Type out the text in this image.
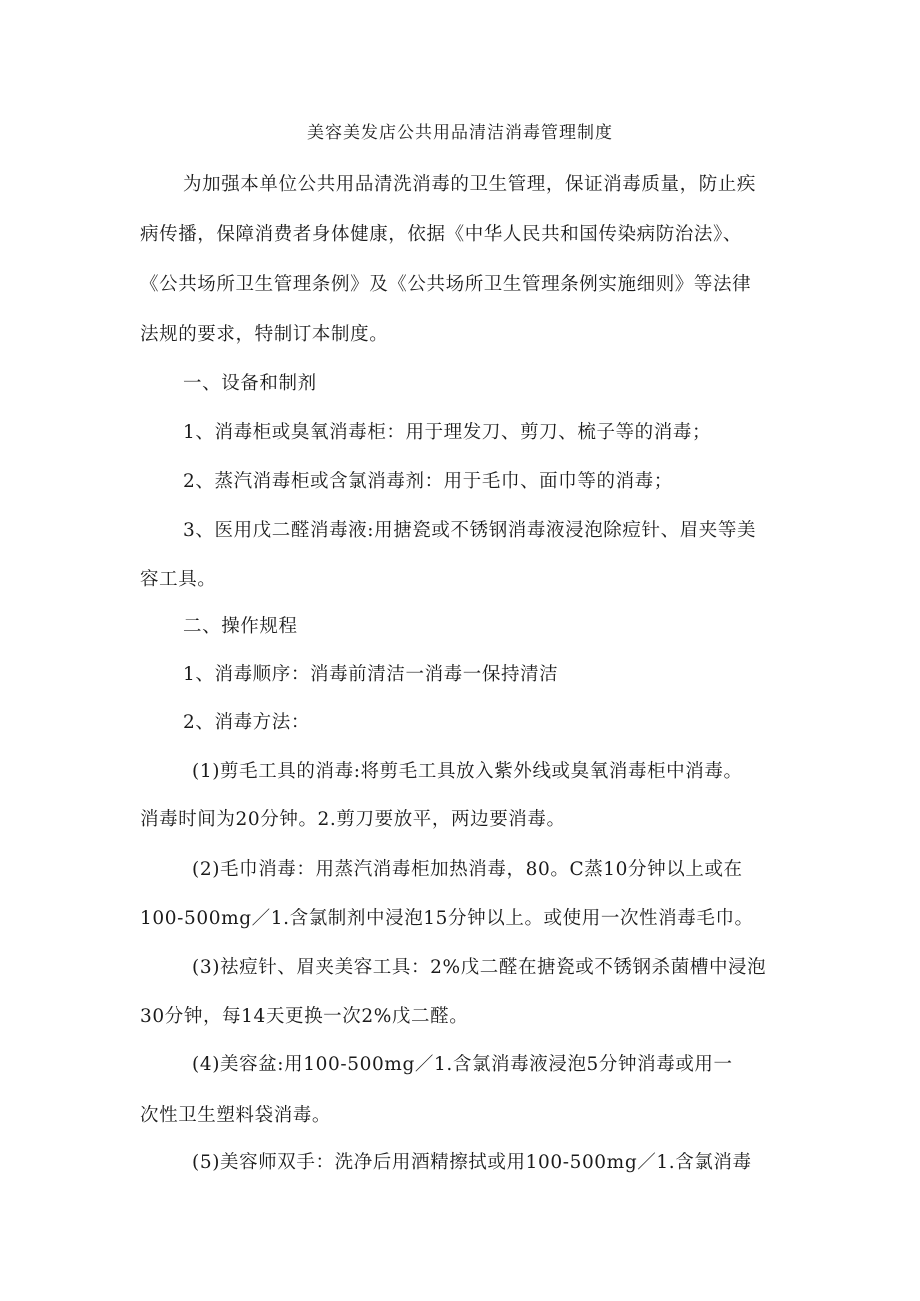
美容美发店公共用品清洁消毒管理制度
为加强本单位公共用品清洗消毒的卫生管理，保证消毒质量，防止疾
病传播，保障消费者身体健康，依据《中华人民共和国传染病防治法》、
《公共场所卫生管理条例》及《公共场所卫生管理条例实施细则》等法律
法规的要求，特制订本制度。
一、设备和制剂
1、消毒柜或臭氧消毒柜：用于理发刀、剪刀、梳子等的消毒；
2、蒸汽消毒柜或含氯消毒剂：用于毛巾、面巾等的消毒；
3、医用戊二醛消毒液:用搪瓷或不锈钢消毒液浸泡除痘针、眉夹等美
容工具。
二、操作规程
1、消毒顺序：消毒前清洁一消毒一保持清洁
2、消毒方法：
(1)剪毛工具的消毒:将剪毛工具放入紫外线或臭氧消毒柜中消毒。
消毒时间为20分钟。2.剪刀要放平，两边要消毒。
(2)毛巾消毒：用蒸汽消毒柜加热消毒，80。C蒸10分钟以上或在
100-500mg／1.含氯制剂中浸泡15分钟以上。或使用一次性消毒毛巾。
(3)祛痘针、眉夹美容工具：2%戊二醛在搪瓷或不锈钢杀菌槽中浸泡
30分钟，每14天更换一次2%戊二醛。
(4)美容盆:用100-500mg／1.含氯消毒液浸泡5分钟消毒或用一
次性卫生塑料袋消毒。
(5)美容师双手：洗净后用酒精擦拭或用100-500mg／1.含氯消毒
